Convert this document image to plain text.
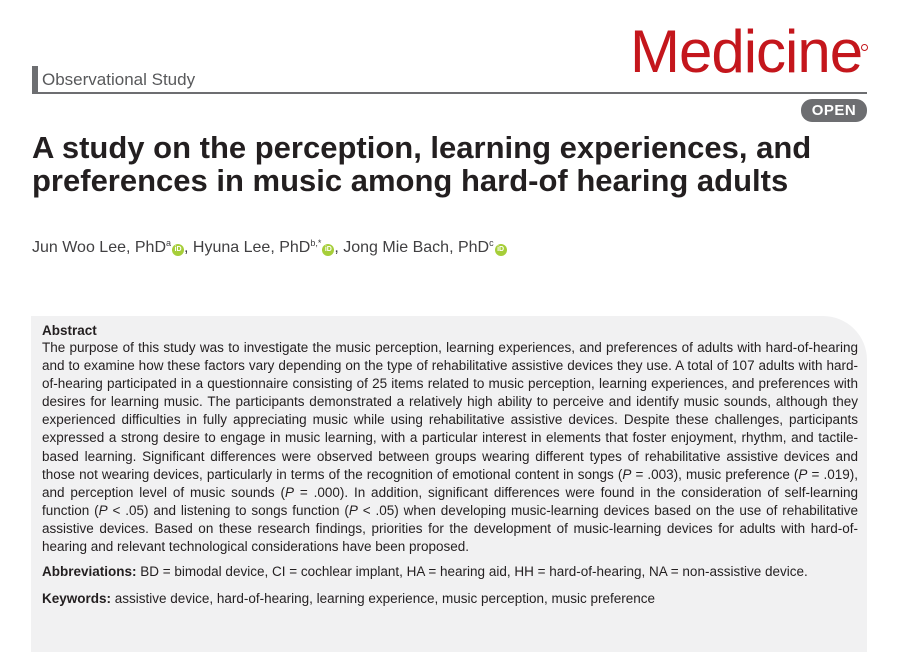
Observational Study	Medicine
OPEN
A study on the perception, learning experiences, and preferences in music among hard-of hearing adults
Jun Woo Lee, PhD$^a$iD , Hyuna Lee, PhD$^{b,*}$iD , Jong Mie Bach, PhD$^c$iD

Abstract

The purpose of this study was to investigate the music perception, learning experiences, and preferences of adults with hard-of-hearing and to examine how these factors vary depending on the type of rehabilitative assistive devices they use. A total of 107 adults with hard-of-hearing participated in a questionnaire consisting of 25 items related to music perception, learning experiences, and preferences with desires for learning music. The participants demonstrated a relatively high ability to perceive and identify music sounds, although they experienced difficulties in fully appreciating music while using rehabilitative assistive devices. Despite these challenges, participants expressed a strong desire to engage in music learning, with a particular interest in elements that foster enjoyment, rhythm, and tactile-based learning. Significant differences were observed between groups wearing different types of rehabilitative assistive devices and those not wearing devices, particularly in terms of the recognition of emotional content in songs (P = .003), music preference (P = .019), and perception level of music sounds (P = .000). In addition, significant differences were found in the consideration of self-learning function (P < .05) and listening to songs function (P < .05) when developing music-learning devices based on the use of rehabilitative assistive devices. Based on these research findings, priorities for the development of music-learning devices for adults with hard-of-hearing and relevant technological considerations have been proposed.

Abbreviations: BD = bimodal device, CI = cochlear implant, HA = hearing aid, HH = hard-of-hearing, NA = non-assistive device.

Keywords: assistive device, hard-of-hearing, learning experience, music perception, music preference
